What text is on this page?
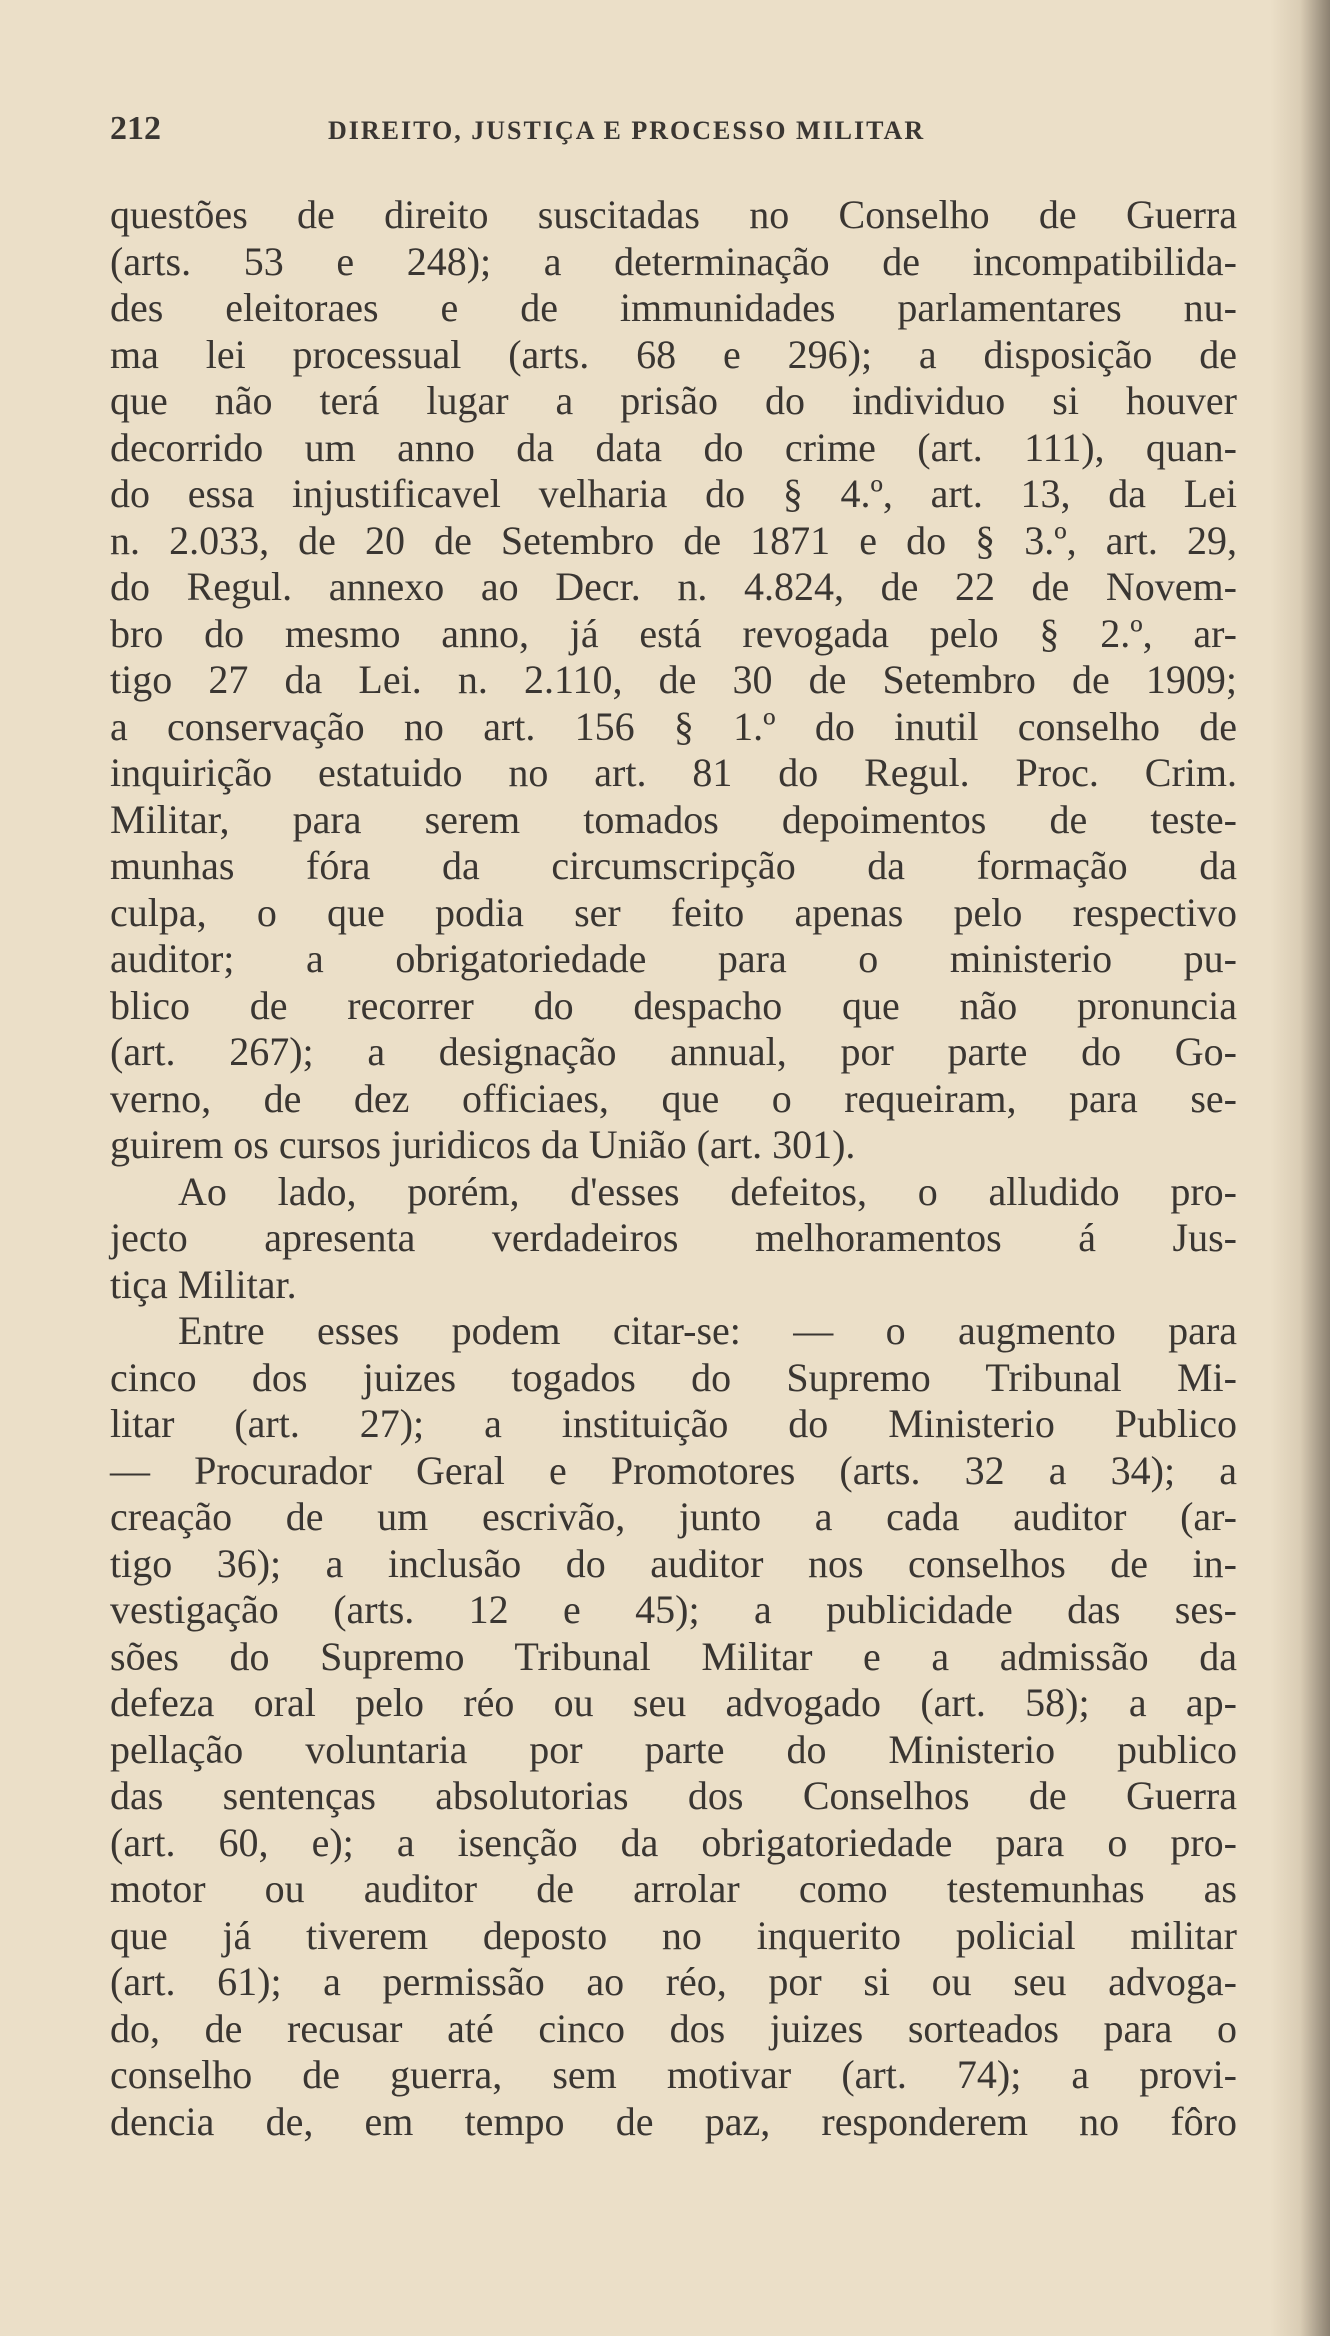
212	DIREITO, JUSTIÇA E PROCESSO MILITAR
questões de direito suscitadas no Conselho de Guerra
(arts. 53 e 248); a determinação de incompatibilida-
des eleitoraes e de immunidades parlamentares nu-
ma lei processual (arts. 68 e 296); a disposição de
que não terá lugar a prisão do individuo si houver
decorrido um anno da data do crime (art. 111), quan-
do essa injustificavel velharia do § 4.º, art. 13, da Lei
n. 2.033, de 20 de Setembro de 1871 e do § 3.º, art. 29,
do Regul. annexo ao Decr. n. 4.824, de 22 de Novem-
bro do mesmo anno, já está revogada pelo § 2.º, ar-
tigo 27 da Lei. n. 2.110, de 30 de Setembro de 1909;
a conservação no art. 156 § 1.º do inutil conselho de
inquirição estatuido no art. 81 do Regul. Proc. Crim.
Militar, para serem tomados depoimentos de teste-
munhas fóra da circumscripção da formação da
culpa, o que podia ser feito apenas pelo respectivo
auditor; a obrigatoriedade para o ministerio pu-
blico de recorrer do despacho que não pronuncia
(art. 267); a designação annual, por parte do Go-
verno, de dez officiaes, que o requeiram, para se-
guirem os cursos juridicos da União (art. 301).
Ao lado, porém, d'esses defeitos, o alludido pro-
jecto apresenta verdadeiros melhoramentos á Jus-
tiça Militar.
Entre esses podem citar-se: — o augmento para
cinco dos juizes togados do Supremo Tribunal Mi-
litar (art. 27); a instituição do Ministerio Publico
— Procurador Geral e Promotores (arts. 32 a 34); a
creação de um escrivão, junto a cada auditor (ar-
tigo 36); a inclusão do auditor nos conselhos de in-
vestigação (arts. 12 e 45); a publicidade das ses-
sões do Supremo Tribunal Militar e a admissão da
defeza oral pelo réo ou seu advogado (art. 58); a ap-
pellação voluntaria por parte do Ministerio publico
das sentenças absolutorias dos Conselhos de Guerra
(art. 60, e); a isenção da obrigatoriedade para o pro-
motor ou auditor de arrolar como testemunhas as
que já tiverem deposto no inquerito policial militar
(art. 61); a permissão ao réo, por si ou seu advoga-
do, de recusar até cinco dos juizes sorteados para o
conselho de guerra, sem motivar (art. 74); a provi-
dencia de, em tempo de paz, responderem no fôro
